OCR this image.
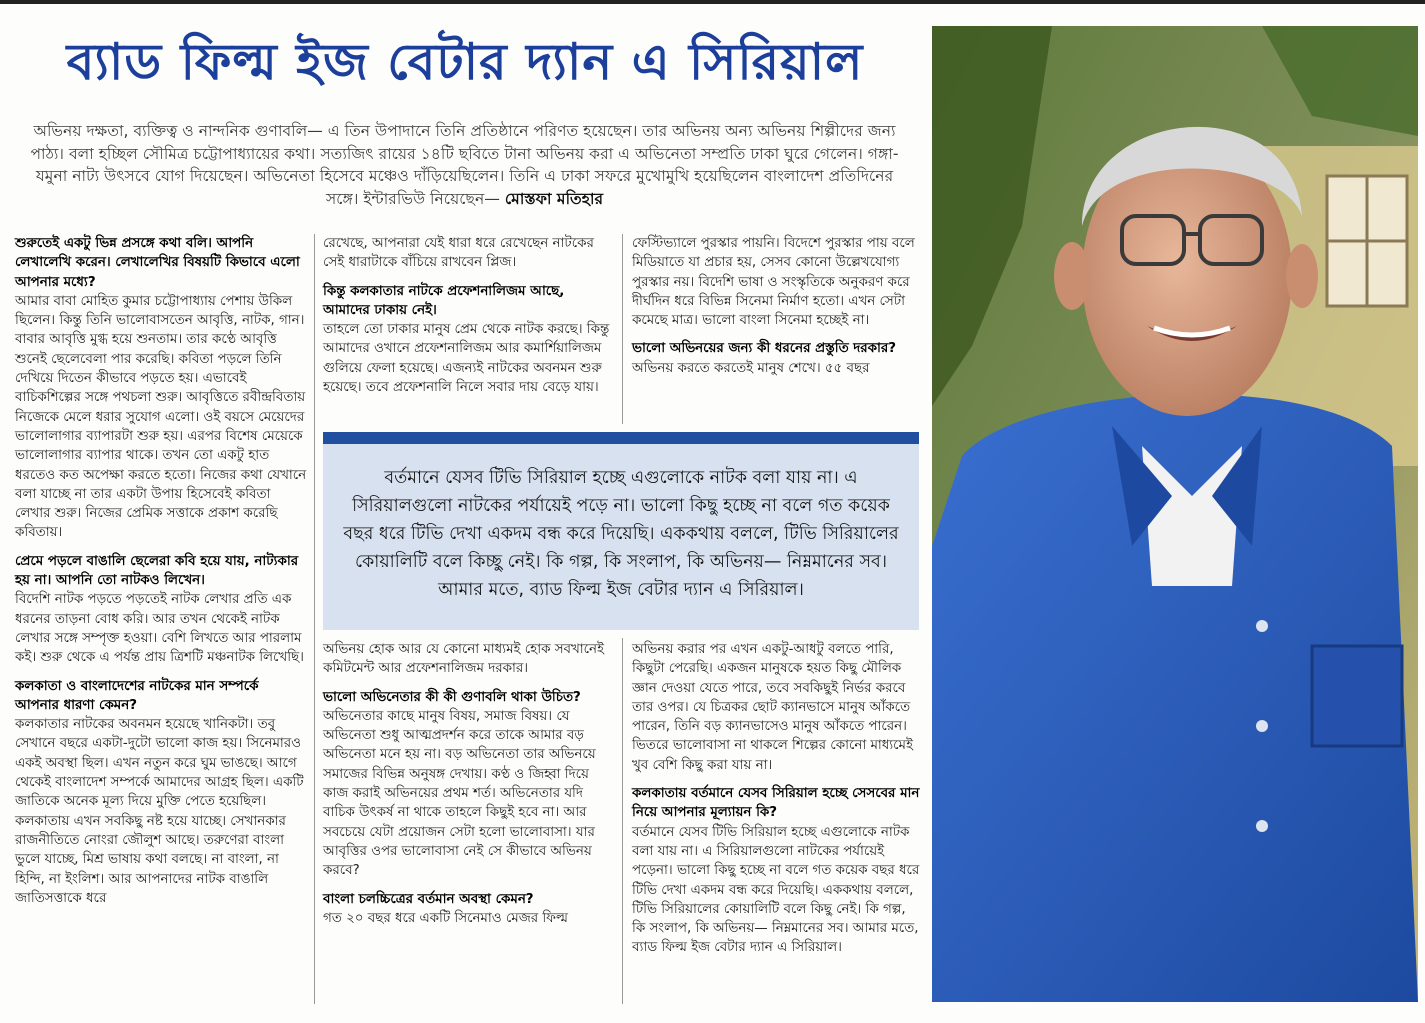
ব্যাড ফিল্ম ইজ বেটার দ্যান এ সিরিয়াল
অভিনয় দক্ষতা, ব্যক্তিত্ব ও নান্দনিক গুণাবলি— এ তিন উপাদানে তিনি প্রতিষ্ঠানে পরিণত হয়েছেন। তার অভিনয় অন্য অভিনয় শিল্পীদের জন্য পাঠ্য। বলা হচ্ছিল সৌমিত্র চট্টোপাধ্যায়ের কথা। সত্যজিৎ রায়ের ১৪টি ছবিতে টানা অভিনয় করা এ অভিনেতা সম্প্রতি ঢাকা ঘুরে গেলেন। গঙ্গা-যমুনা নাট্য উৎসবে যোগ দিয়েছেন। অভিনেতা হিসেবে মঞ্চেও দাঁড়িয়েছিলেন। তিনি এ ঢাকা সফরে মুখোমুখি হয়েছিলেন বাংলাদেশ প্রতিদিনের সঙ্গে। ইন্টারভিউ নিয়েছেন— মোস্তফা মতিহার
শুরুতেই একটু ভিন্ন প্রসঙ্গে কথা বলি। আপনি লেখালেখি করেন। লেখালেখির বিষয়টি কিভাবে এলো আপনার মধ্যে?
আমার বাবা মোহিত কুমার চট্টোপাধ্যায় পেশায় উকিল ছিলেন। কিন্তু তিনি ভালোবাসতেন আবৃত্তি, নাটক, গান। বাবার আবৃত্তি মুগ্ধ হয়ে শুনতাম। তার কণ্ঠে আবৃত্তি শুনেই ছেলেবেলা পার করেছি। কবিতা পড়লে তিনি দেখিয়ে দিতেন কীভাবে পড়তে হয়। এভাবেই বাচিকশিল্পের সঙ্গে পথচলা শুরু। আবৃত্তিতে রবীন্দ্রবিতায় নিজেকে মেলে ধরার সুযোগ এলো। ওই বয়সে মেয়েদের ভালোলাগার ব্যাপারটা শুরু হয়। এরপর বিশেষ মেয়েকে ভালোলাগার ব্যাপার থাকে। তখন তো একটু হাত ধরতেও কত অপেক্ষা করতে হতো। নিজের কথা যেখানে বলা যাচ্ছে না তার একটা উপায় হিসেবেই কবিতা লেখার শুরু। নিজের প্রেমিক সত্তাকে প্রকাশ করেছি কবিতায়।
প্রেমে পড়লে বাঙালি ছেলেরা কবি হয়ে যায়, নাট্যকার হয় না। আপনি তো নাটকও লিখেন।
বিদেশি নাটক পড়তে পড়তেই নাটক লেখার প্রতি এক ধরনের তাড়না বোধ করি। আর তখন থেকেই নাটক লেখার সঙ্গে সম্পৃক্ত হওয়া। বেশি লিখতে আর পারলাম কই। শুরু থেকে এ পর্যন্ত প্রায় ত্রিশটি মঞ্চনাটক লিখেছি।
কলকাতা ও বাংলাদেশের নাটকের মান সম্পর্কে আপনার ধারণা কেমন?
কলকাতার নাটকের অবনমন হয়েছে খানিকটা। তবু সেখানে বছরে একটা-দুটো ভালো কাজ হয়। সিনেমারও একই অবস্থা ছিল। এখন নতুন করে ঘুম ভাঙছে। আগে থেকেই বাংলাদেশ সম্পর্কে আমাদের আগ্রহ ছিল। একটি জাতিকে অনেক মূল্য দিয়ে মুক্তি পেতে হয়েছিল। কলকাতায় এখন সবকিছু নষ্ট হয়ে যাচ্ছে। সেখানকার রাজনীতিতে নোংরা জৌলুশ আছে। তরুণেরা বাংলা ভুলে যাচ্ছে, মিশ্র ভাষায় কথা বলছে। না বাংলা, না হিন্দি, না ইংলিশ। আর আপনাদের নাটক বাঙালি জাতিসত্তাকে ধরে
রেখেছে, আপনারা যেই ধারা ধরে রেখেছেন নাটকের সেই ধারাটাকে বাঁচিয়ে রাখবেন প্লিজ।
কিন্তু কলকাতার নাটকে প্রফেশনালিজম আছে, আমাদের ঢাকায় নেই।
তাহলে তো ঢাকার মানুষ প্রেম থেকে নাটক করছে। কিন্তু আমাদের ওখানে প্রফেশনালিজম আর কমার্শিয়ালিজম গুলিয়ে ফেলা হয়েছে। এজন্যই নাটকের অবনমন শুরু হয়েছে। তবে প্রফেশনালি নিলে সবার দায় বেড়ে যায়।
ফেস্টিভ্যালে পুরস্কার পায়নি। বিদেশে পুরস্কার পায় বলে মিডিয়াতে যা প্রচার হয়, সেসব কোনো উল্লেখযোগ্য পুরস্কার নয়। বিদেশি ভাষা ও সংস্কৃতিকে অনুকরণ করে দীর্ঘদিন ধরে বিভিন্ন সিনেমা নির্মাণ হতো। এখন সেটা কমেছে মাত্র। ভালো বাংলা সিনেমা হচ্ছেই না।
ভালো অভিনয়ের জন্য কী ধরনের প্রস্তুতি দরকার?
অভিনয় করতে করতেই মানুষ শেখে। ৫৫ বছর

বর্তমানে যেসব টিভি সিরিয়াল হচ্ছে এগুলোকে নাটক বলা যায় না। এ সিরিয়ালগুলো নাটকের পর্যায়েই পড়ে না। ভালো কিছু হচ্ছে না বলে গত কয়েক বছর ধরে টিভি দেখা একদম বন্ধ করে দিয়েছি। এককথায় বললে, টিভি সিরিয়ালের কোয়ালিটি বলে কিচ্ছু নেই। কি গল্প, কি সংলাপ, কি অভিনয়— নিম্নমানের সব। আমার মতে, ব্যাড ফিল্ম ইজ বেটার দ্যান এ সিরিয়াল।

অভিনয় হোক আর যে কোনো মাধ্যমই হোক সবখানেই কমিটমেন্ট আর প্রফেশনালিজম দরকার।
ভালো অভিনেতার কী কী গুণাবলি থাকা উচিত?
অভিনেতার কাছে মানুষ বিষয়, সমাজ বিষয়। যে অভিনেতা শুধু আত্মপ্রদর্শন করে তাকে আমার বড় অভিনেতা মনে হয় না। বড় অভিনেতা তার অভিনয়ে সমাজের বিভিন্ন অনুষঙ্গ দেখায়। কণ্ঠ ও জিহ্বা দিয়ে কাজ করাই অভিনয়ের প্রথম শর্ত। অভিনেতার যদি বাচিক উৎকর্ষ না থাকে তাহলে কিছুই হবে না। আর সবচেয়ে যেটা প্রয়োজন সেটা হলো ভালোবাসা। যার আবৃত্তির ওপর ভালোবাসা নেই সে কীভাবে অভিনয় করবে?
বাংলা চলচ্চিত্রের বর্তমান অবস্থা কেমন?
গত ২০ বছর ধরে একটি সিনেমাও মেজর ফিল্ম
অভিনয় করার পর এখন একটু-আধটু বলতে পারি, কিছুটা পেরেছি। একজন মানুষকে হয়ত কিছু মৌলিক জ্ঞান দেওয়া যেতে পারে, তবে সবকিছুই নির্ভর করবে তার ওপর। যে চিত্রকর ছোট ক্যানভাসে মানুষ আঁকতে পারেন, তিনি বড় ক্যানভাসেও মানুষ আঁকতে পারেন। ভিতরে ভালোবাসা না থাকলে শিল্পের কোনো মাধ্যমেই খুব বেশি কিছু করা যায় না।
কলকাতায় বর্তমানে যেসব সিরিয়াল হচ্ছে সেসবের মান নিয়ে আপনার মূল্যায়ন কি?
বর্তমানে যেসব টিভি সিরিয়াল হচ্ছে এগুলোকে নাটক বলা যায় না। এ সিরিয়ালগুলো নাটকের পর্যায়েই পড়েনা। ভালো কিছু হচ্ছে না বলে গত কয়েক বছর ধরে টিভি দেখা একদম বন্ধ করে দিয়েছি। এককথায় বললে, টিভি সিরিয়ালের কোয়ালিটি বলে কিছু নেই। কি গল্প, কি সংলাপ, কি অভিনয়— নিম্নমানের সব। আমার মতে, ব্যাড ফিল্ম ইজ বেটার দ্যান এ সিরিয়াল।
